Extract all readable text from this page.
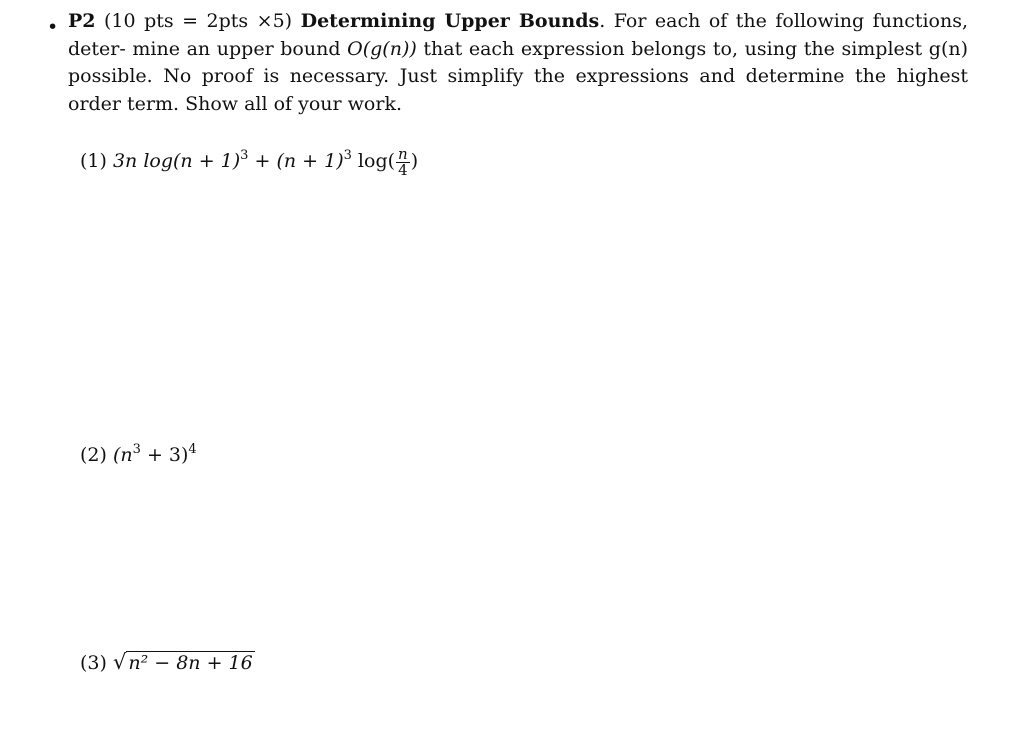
• P2 (10 pts = 2pts ×5) Determining Upper Bounds. For each of the following functions, deter- mine an upper bound O(g(n)) that each expression belongs to, using the simplest g(n) possible. No proof is necessary. Just simplify the expressions and determine the highest order term. Show all of your work.
(1) 3n $\log(n + 1)^3 + (n + 1)^3$ $\log( \frac{n}{4}$ )
(2) $(n^3 + 3)^4$
(3) √ n² − 8n + 16
